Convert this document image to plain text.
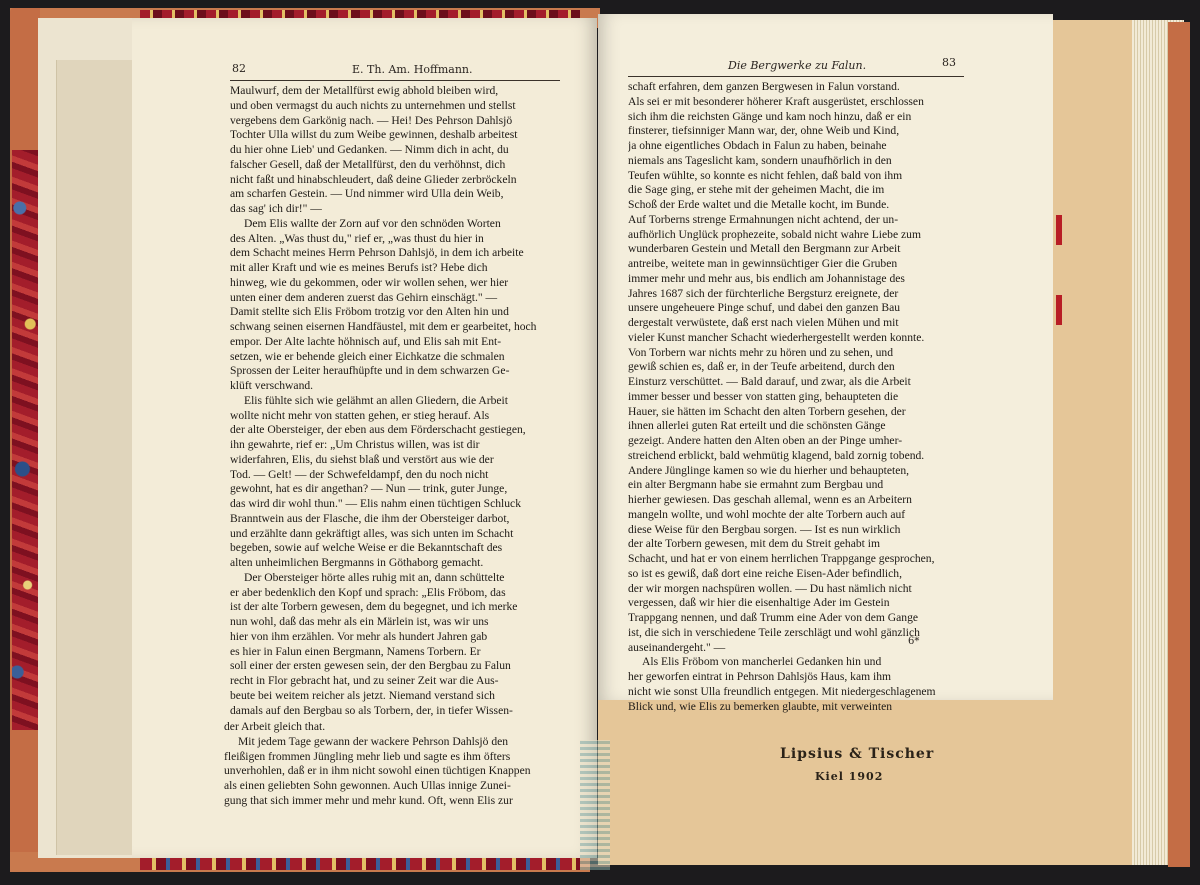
82	E. Th. Am. Hoffmann.
Maulwurf, dem der Metallfürst ewig abhold bleiben wird,
und oben vermagst du auch nichts zu unternehmen und stellst
vergebens dem Garkönig nach. — Hei! Des Pehrson Dahlsjö
Tochter Ulla willst du zum Weibe gewinnen, deshalb arbeitest
du hier ohne Lieb' und Gedanken. — Nimm dich in acht, du
falscher Gesell, daß der Metallfürst, den du verhöhnst, dich
nicht faßt und hinabschleudert, daß deine Glieder zerbröckeln
am scharfen Gestein. — Und nimmer wird Ulla dein Weib,
das sag' ich dir!" —
Dem Elis wallte der Zorn auf vor den schnöden Worten
des Alten. „Was thust du," rief er, „was thust du hier in
dem Schacht meines Herrn Pehrson Dahlsjö, in dem ich arbeite
mit aller Kraft und wie es meines Berufs ist? Hebe dich
hinweg, wie du gekommen, oder wir wollen sehen, wer hier
unten einer dem anderen zuerst das Gehirn einschägt." —
Damit stellte sich Elis Fröbom trotzig vor den Alten hin und
schwang seinen eisernen Handfäustel, mit dem er gearbeitet, hoch
empor. Der Alte lachte höhnisch auf, und Elis sah mit Ent-
setzen, wie er behende gleich einer Eichkatze die schmalen
Sprossen der Leiter heraufhüpfte und in dem schwarzen Ge-
klüft verschwand.
Elis fühlte sich wie gelähmt an allen Gliedern, die Arbeit
wollte nicht mehr von statten gehen, er stieg herauf. Als
der alte Obersteiger, der eben aus dem Förderschacht gestiegen,
ihn gewahrte, rief er: „Um Christus willen, was ist dir
widerfahren, Elis, du siehst blaß und verstört aus wie der
Tod. — Gelt! — der Schwefeldampf, den du noch nicht
gewohnt, hat es dir angethan? — Nun — trink, guter Junge,
das wird dir wohl thun." — Elis nahm einen tüchtigen Schluck
Branntwein aus der Flasche, die ihm der Obersteiger darbot,
und erzählte dann gekräftigt alles, was sich unten im Schacht
begeben, sowie auf welche Weise er die Bekanntschaft des
alten unheimlichen Bergmanns in Göthaborg gemacht.
Der Obersteiger hörte alles ruhig mit an, dann schüttelte
er aber bedenklich den Kopf und sprach: „Elis Fröbom, das
ist der alte Torbern gewesen, dem du begegnet, und ich merke
nun wohl, daß das mehr als ein Märlein ist, was wir uns
hier von ihm erzählen. Vor mehr als hundert Jahren gab
es hier in Falun einen Bergmann, Namens Torbern. Er
soll einer der ersten gewesen sein, der den Bergbau zu Falun
recht in Flor gebracht hat, und zu seiner Zeit war die Aus-
beute bei weitem reicher als jetzt. Niemand verstand sich
damals auf den Bergbau so als Torbern, der, in tiefer Wissen-
der Arbeit gleich that.
Mit jedem Tage gewann der wackere Pehrson Dahlsjö den
fleißigen frommen Jüngling mehr lieb und sagte es ihm öfters
unverhohlen, daß er in ihm nicht sowohl einen tüchtigen Knappen
als einen geliebten Sohn gewonnen. Auch Ullas innige Zunei-
gung that sich immer mehr und mehr kund. Oft, wenn Elis zur
Die Bergwerke zu Falun.	83
schaft erfahren, dem ganzen Bergwesen in Falun vorstand.
Als sei er mit besonderer höherer Kraft ausgerüstet, erschlossen
sich ihm die reichsten Gänge und kam noch hinzu, daß er ein
finsterer, tiefsinniger Mann war, der, ohne Weib und Kind,
ja ohne eigentliches Obdach in Falun zu haben, beinahe
niemals ans Tageslicht kam, sondern unaufhörlich in den
Teufen wühlte, so konnte es nicht fehlen, daß bald von ihm
die Sage ging, er stehe mit der geheimen Macht, die im
Schoß der Erde waltet und die Metalle kocht, im Bunde.
Auf Torberns strenge Ermahnungen nicht achtend, der un-
aufhörlich Unglück prophezeite, sobald nicht wahre Liebe zum
wunderbaren Gestein und Metall den Bergmann zur Arbeit
antreibe, weitete man in gewinnsüchtiger Gier die Gruben
immer mehr und mehr aus, bis endlich am Johannistage des
Jahres 1687 sich der fürchterliche Bergsturz ereignete, der
unsere ungeheuere Pinge schuf, und dabei den ganzen Bau
dergestalt verwüstete, daß erst nach vielen Mühen und mit
vieler Kunst mancher Schacht wiederhergestellt werden konnte.
Von Torbern war nichts mehr zu hören und zu sehen, und
gewiß schien es, daß er, in der Teufe arbeitend, durch den
Einsturz verschüttet. — Bald darauf, und zwar, als die Arbeit
immer besser und besser von statten ging, behaupteten die
Hauer, sie hätten im Schacht den alten Torbern gesehen, der
ihnen allerlei guten Rat erteilt und die schönsten Gänge
gezeigt. Andere hatten den Alten oben an der Pinge umher-
streichend erblickt, bald wehmütig klagend, bald zornig tobend.
Andere Jünglinge kamen so wie du hierher und behaupteten,
ein alter Bergmann habe sie ermahnt zum Bergbau und
hierher gewiesen. Das geschah allemal, wenn es an Arbeitern
mangeln wollte, und wohl mochte der alte Torbern auch auf
diese Weise für den Bergbau sorgen. — Ist es nun wirklich
der alte Torbern gewesen, mit dem du Streit gehabt im
Schacht, und hat er von einem herrlichen Trappgange gesprochen,
so ist es gewiß, daß dort eine reiche Eisen-Ader befindlich,
der wir morgen nachspüren wollen. — Du hast nämlich nicht
vergessen, daß wir hier die eisenhaltige Ader im Gestein
Trappgang nennen, und daß Trumm eine Ader von dem Gange
ist, die sich in verschiedene Teile zerschlägt und wohl gänzlich
auseinandergeht." —
Als Elis Fröbom von mancherlei Gedanken hin und
her geworfen eintrat in Pehrson Dahlsjös Haus, kam ihm
nicht wie sonst Ulla freundlich entgegen. Mit niedergeschlagenem
Blick und, wie Elis zu bemerken glaubte, mit verweinten
6*
Lipsius & Tischer
Kiel 1902
